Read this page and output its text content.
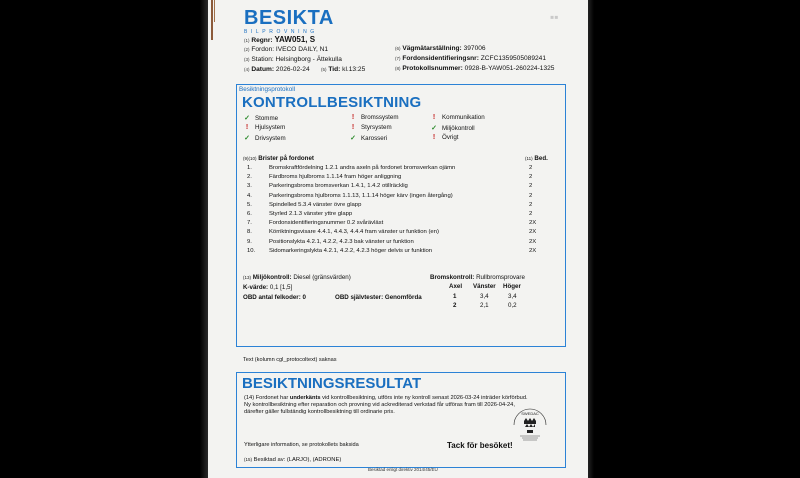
BESIKTA
BILPROVNING
▪▪
(1) Regnr: YAW051, S
(2) Fordon: IVECO DAILY, N1
(3) Station: Helsingborg - Ättekulla
(4) Datum: 2026-02-24	(5) Tid: kl.13:25
(6) Vägmätarställning: 397006
(7) Fordonsidentifieringsnr: ZCFC1359505089241
(8) Protokollsnummer: 0928-B-YAW051-260224-1325
Besiktningsprotokoll
KONTROLLBESIKTNING
✓ Stomme	!	Bromssystem	!	Kommunikation
!	Hjulsystem	!	Styrsystem	✓ Miljökontroll
✓ Drivsystem	✓ Karosseri	!	Övrigt
(9)(10) Brister på fordonet	(11) Bed.
1.	Bromskraftfördelning 1.2.1 andra axeln på fordonet bromsverkan ojämn	2
2.	Färdbroms hjulbroms 1.1.14 fram höger anliggning	2
3.	Parkeringsbroms bromsverkan 1.4.1, 1.4.2 otillräcklig	2
4.	Parkeringsbroms hjulbroms 1.1.13, 1.1.14 höger kärv (ingen återgång)	2
5.	Spindelled 5.3.4 vänster övre glapp	2
6.	Styrled 2.1.3 vänster yttre glapp	2
7.	Fordonsidentifieringsnummer 0.2 svårävläst	2X
8.	Körriktningsvisare 4.4.1, 4.4.3, 4.4.4 fram vänster ur funktion (en)	2X
9.	Positionslykta 4.2.1, 4.2.2, 4.2.3 bak vänster ur funktion	2X
10.	Sidomarkeringslykta 4.2.1, 4.2.2, 4.2.3 höger delvis ur funktion	2X
(13) Miljökontroll: Diesel (gränsvärden)
K-värde: 0,1 [1,5]
OBD antal felkoder: 0	OBD självtester: Genomförda
Bromskontroll: Rullbromsprovare
Axel Vänster Höger
1	3,4	3,4
2	2,1	0,2
Text (kolumn cgl_protocoltext) saknas
BESIKTNINGSRESULTAT
(14) Fordonet har underkänts vid kontrollbesiktning, utförs inte ny kontroll senast 2026-03-24 inträder körförbud. Ny kontrollbesiktning efter reparation och provning vid ackrediterad verkstad får utföras fram till 2026-04-24, därefter gäller fullständig kontrollbesiktning till ordinarie pris.
Ytterligare information, se protokollets baksida	Tack för besöket!
(15) Besiktad av: (LARJO), (ADRONE)
SWEDAC
Besiktad enligt direktiv 2014/45/EU
